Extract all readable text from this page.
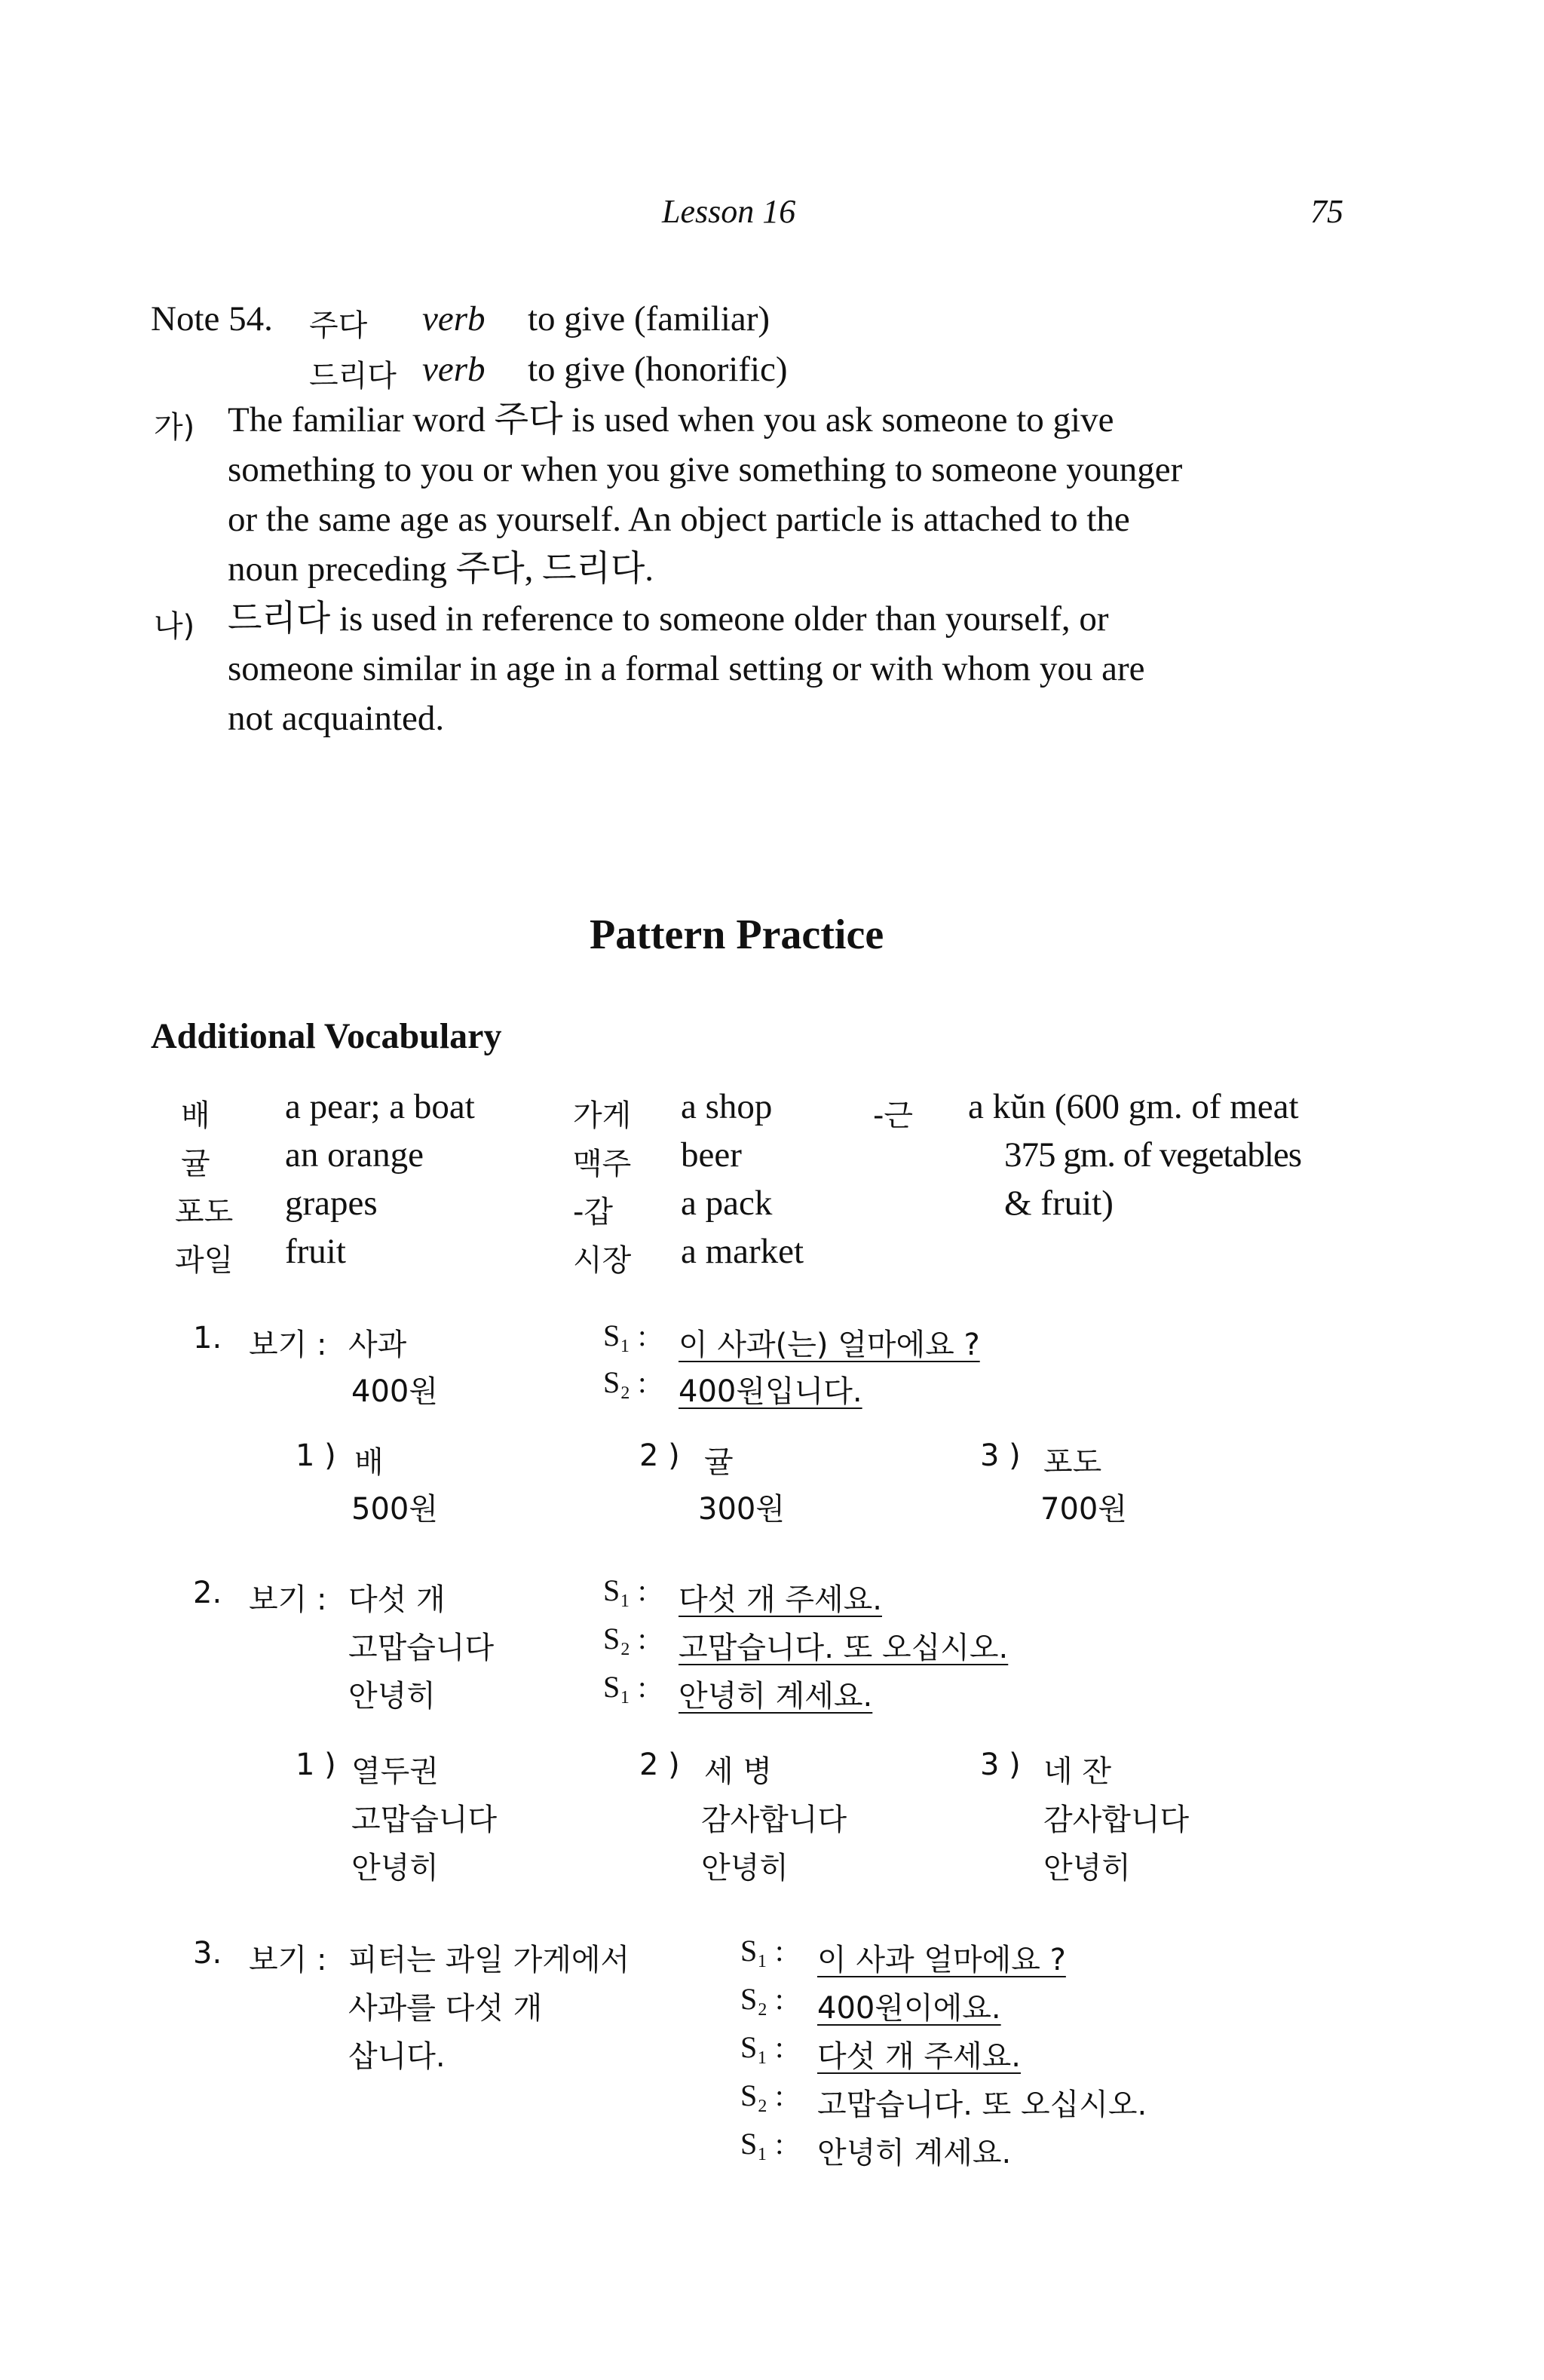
Lesson 16	75
Note 54. 주다 verb to give (familiar)
드리다 verb to give (honorific)
가) The familiar word 주다 is used when you ask someone to give
something to you or when you give something to someone younger
or the same age as yourself. An object particle is attached to the
noun preceding 주다, 드리다.
나) 드리다 is used in reference to someone older than yourself, or
someone similar in age in a formal setting or with whom you are
not acquainted.
Pattern Practice
Additional Vocabulary
배 a pear; a boat
귤 an orange
포도 grapes
과일 fruit
가게 a shop
맥주 beer
-갑 a pack
시장 a market
-근 a kŭn (600 gm. of meat
375 gm. of vegetables
& fruit)
1. 보기 : 사과
400원
S₁ : 이 사과(는) 얼마에요 ?
S₂ : 400원입니다.
1 ) 배
500원
2 ) 귤
300원
3 ) 포도
700원
2. 보기 : 다섯 개
고맙습니다
안녕히
S₁ : 다섯 개 주세요.
S₂ : 고맙습니다. 또 오십시오.
S₁ : 안녕히 계세요.
1 ) 열두권
고맙습니다
안녕히
2 ) 세 병
감사합니다
안녕히
3 ) 네 잔
감사합니다
안녕히
3. 보기 : 피터는 과일 가게에서
사과를 다섯 개
삽니다.
S₁ : 이 사과 얼마에요 ?
S₂ : 400원이에요.
S₁ : 다섯 개 주세요.
S₂ : 고맙습니다. 또 오십시오.
S₁ : 안녕히 계세요.
